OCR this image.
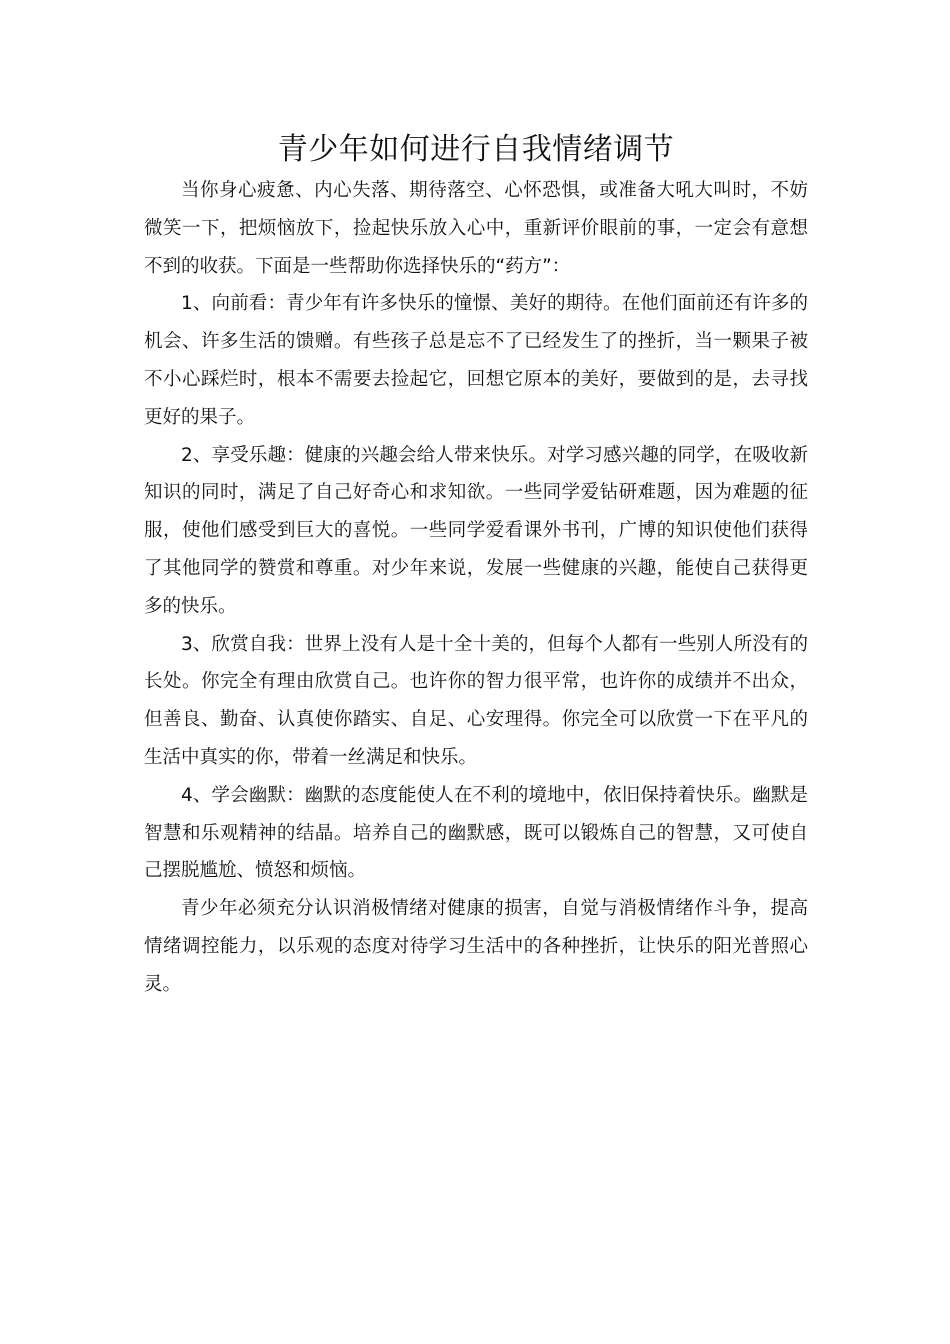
青少年如何进行自我情绪调节

当你身心疲惫、内心失落、期待落空、心怀恐惧，或准备大吼大叫时，不妨微笑一下，把烦恼放下，捡起快乐放入心中，重新评价眼前的事，一定会有意想不到的收获。下面是一些帮助你选择快乐的“药方”：

1、向前看：青少年有许多快乐的憧憬、美好的期待。在他们面前还有许多的机会、许多生活的馈赠。有些孩子总是忘不了已经发生了的挫折，当一颗果子被不小心踩烂时，根本不需要去捡起它，回想它原本的美好，要做到的是，去寻找更好的果子。

2、享受乐趣：健康的兴趣会给人带来快乐。对学习感兴趣的同学，在吸收新知识的同时，满足了自己好奇心和求知欲。一些同学爱钻研难题，因为难题的征服，使他们感受到巨大的喜悦。一些同学爱看课外书刊，广博的知识使他们获得了其他同学的赞赏和尊重。对少年来说，发展一些健康的兴趣，能使自己获得更多的快乐。

3、欣赏自我：世界上没有人是十全十美的，但每个人都有一些别人所没有的长处。你完全有理由欣赏自己。也许你的智力很平常，也许你的成绩并不出众，但善良、勤奋、认真使你踏实、自足、心安理得。你完全可以欣赏一下在平凡的生活中真实的你，带着一丝满足和快乐。

4、学会幽默：幽默的态度能使人在不利的境地中，依旧保持着快乐。幽默是智慧和乐观精神的结晶。培养自己的幽默感，既可以锻炼自己的智慧，又可使自己摆脱尴尬、愤怒和烦恼。

青少年必须充分认识消极情绪对健康的损害，自觉与消极情绪作斗争，提高情绪调控能力，以乐观的态度对待学习生活中的各种挫折，让快乐的阳光普照心灵。
